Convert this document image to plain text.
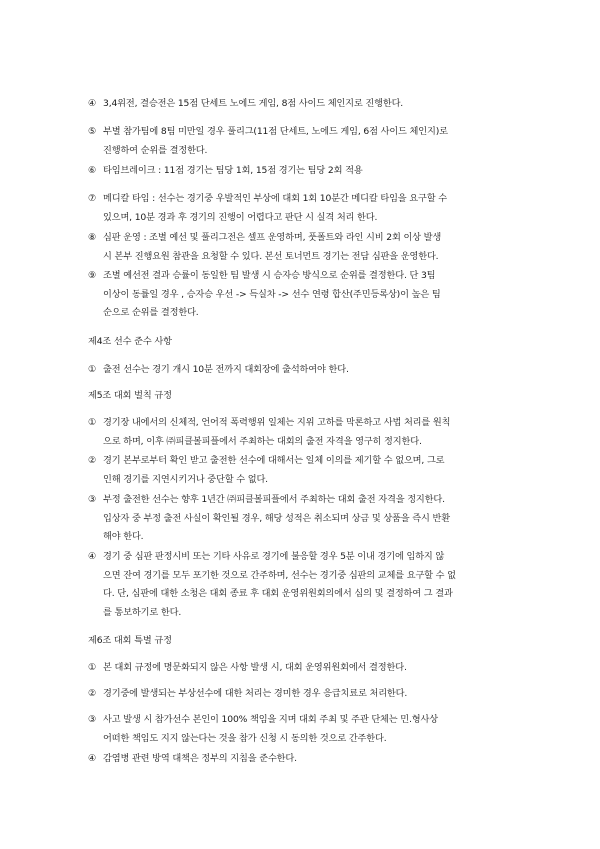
④ 3,4위전, 결승전은 15점 단세트 노에드 게임, 8점 사이드 체인지로 진행한다.
⑤ 부별 참가팀에 8팀 미만일 경우 풀리그(11점 단세트, 노에드 게임, 6점 사이드 체인지)로
진행하여 순위를 결정한다.
⑥ 타임브레이크 : 11점 경기는 팀당 1회, 15점 경기는 팀당 2회 적용
⑦ 메디칼 타임 : 선수는 경기중 우발적인 부상에 대회 1회 10분간 메디칼 타임을 요구할 수
있으며, 10분 경과 후 경기의 진행이 어렵다고 판단 시 실격 처리 한다.
⑧ 심판 운영 : 조별 예선 및 풀리그전은 셀프 운영하며, 풋폴트와 라인 시비 2회 이상 발생
시 본부 진행요원 참관을 요청할 수 있다. 본선 토너먼트 경기는 전담 심판을 운영한다.
⑨ 조별 예선전 결과 승률이 동일한 팀 발생 시 승자승 방식으로 순위를 결정한다. 단 3팀
이상이 동률일 경우 , 승자승 우선 -> 득실차 -> 선수 연령 합산(주민등록상)이 높은 팀
순으로 순위를 결정한다.
제4조 선수 준수 사항
① 출전 선수는 경기 개시 10분 전까지 대회장에 출석하여야 한다.
제5조 대회 벌칙 규정
① 경기장 내에서의 신체적, 언어적 폭력행위 일체는 지위 고하를 막론하고 사법 처리를 원칙
으로 하며, 이후 ㈜피클볼피플에서 주최하는 대회의 출전 자격을 영구히 정지한다.
② 경기 본부로부터 확인 받고 출전한 선수에 대해서는 일체 이의를 제기할 수 없으며, 그로
인해 경기를 지연시키거나 중단할 수 없다.
③ 부정 출전한 선수는 향후 1년간 ㈜피클볼피플에서 주최하는 대회 출전 자격을 정지한다.
입상자 중 부정 출전 사실이 확인될 경우, 해당 성적은 취소되며 상금 및 상품을 즉시 반환
해야 한다.
④ 경기 중 심판 판정시비 또는 기타 사유로 경기에 불응할 경우 5분 이내 경기에 임하지 않
으면 잔여 경기를 모두 포기한 것으로 간주하며, 선수는 경기중 심판의 교체를 요구할 수 없
다. 단, 심판에 대한 소청은 대회 종료 후 대회 운영위원회의에서 심의 및 결정하여 그 결과
를 통보하기로 한다.
제6조 대회 특별 규정
① 본 대회 규정에 명문화되지 않은 사항 발생 시, 대회 운영위원회에서 결정한다.
② 경기중에 발생되는 부상선수에 대한 처리는 경미한 경우 응급치료로 처리한다.
③ 사고 발생 시 참가선수 본인이 100% 책임을 지며 대회 주최 및 주관 단체는 민.형사상
어떠한 책임도 지지 않는다는 것을 참가 신청 시 동의한 것으로 간주한다.
④ 감염병 관련 방역 대책은 정부의 지침을 준수한다.
